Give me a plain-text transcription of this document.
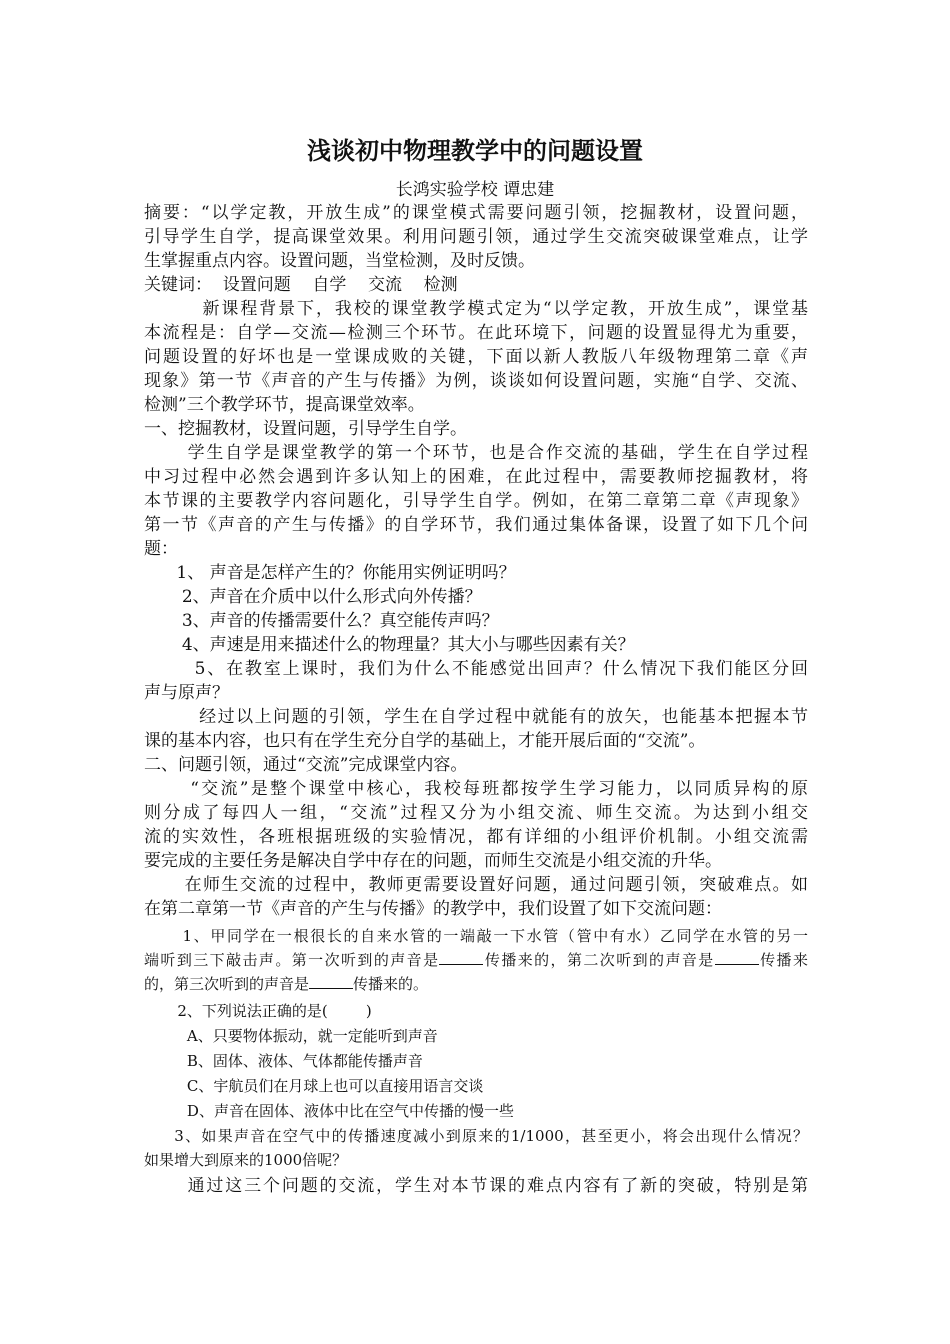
浅谈初中物理教学中的问题设置
长鸿实验学校 谭忠建
摘要：“以学定教，开放生成”的课堂模式需要问题引领，挖掘教材，设置问题，
引导学生自学，提高课堂效果。利用问题引领，通过学生交流突破课堂难点，让学
生掌握重点内容。设置问题，当堂检测，及时反馈。
关键词：  设置问题    自学    交流    检测
新课程背景下，我校的课堂教学模式定为“以学定教，开放生成”，课堂基
本流程是：自学—交流—检测三个环节。在此环境下，问题的设置显得尤为重要，
问题设置的好坏也是一堂课成败的关键，下面以新人教版八年级物理第二章《声
现象》第一节《声音的产生与传播》为例，谈谈如何设置问题，实施“自学、交流、
检测”三个教学环节，提高课堂效率。
一、挖掘教材，设置问题，引导学生自学。
学生自学是课堂教学的第一个环节，也是合作交流的基础，学生在自学过程
中习过程中必然会遇到许多认知上的困难，在此过程中，需要教师挖掘教材，将
本节课的主要教学内容问题化，引导学生自学。例如，在第二章第二章《声现象》
第一节《声音的产生与传播》的自学环节，我们通过集体备课，设置了如下几个问
题：
1、 声音是怎样产生的？你能用实例证明吗？
2、声音在介质中以什么形式向外传播？
3、声音的传播需要什么？真空能传声吗？
4、声速是用来描述什么的物理量？其大小与哪些因素有关？
5、在教室上课时，我们为什么不能感觉出回声？什么情况下我们能区分回
声与原声？
经过以上问题的引领，学生在自学过程中就能有的放矢，也能基本把握本节
课的基本内容，也只有在学生充分自学的基础上，才能开展后面的“交流”。
二、问题引领，通过“交流”完成课堂内容。
“交流”是整个课堂中核心，我校每班都按学生学习能力，以同质异构的原
则分成了每四人一组，“交流”过程又分为小组交流、师生交流。为达到小组交
流的实效性，各班根据班级的实验情况，都有详细的小组评价机制。小组交流需
要完成的主要任务是解决自学中存在的问题，而师生交流是小组交流的升华。
在师生交流的过程中，教师更需要设置好问题，通过问题引领，突破难点。如
在第二章第一节《声音的产生与传播》的教学中，我们设置了如下交流问题：
1、甲同学在一根很长的自来水管的一端敲一下水管（管中有水）乙同学在水管的另一
端听到三下敲击声。第一次听到的声音是	传播来的，第二次听到的声音是	传播来
的，第三次听到的声音是	传播来的。
2、下列说法正确的是(        )
A、只要物体振动，就一定能听到声音
B、固体、液体、气体都能传播声音
C、宇航员们在月球上也可以直接用语言交谈
D、声音在固体、液体中比在空气中传播的慢一些
3、如果声音在空气中的传播速度减小到原来的1/1000，甚至更小，将会出现什么情况？
如果增大到原来的1000倍呢？
通过这三个问题的交流，学生对本节课的难点内容有了新的突破，特别是第
